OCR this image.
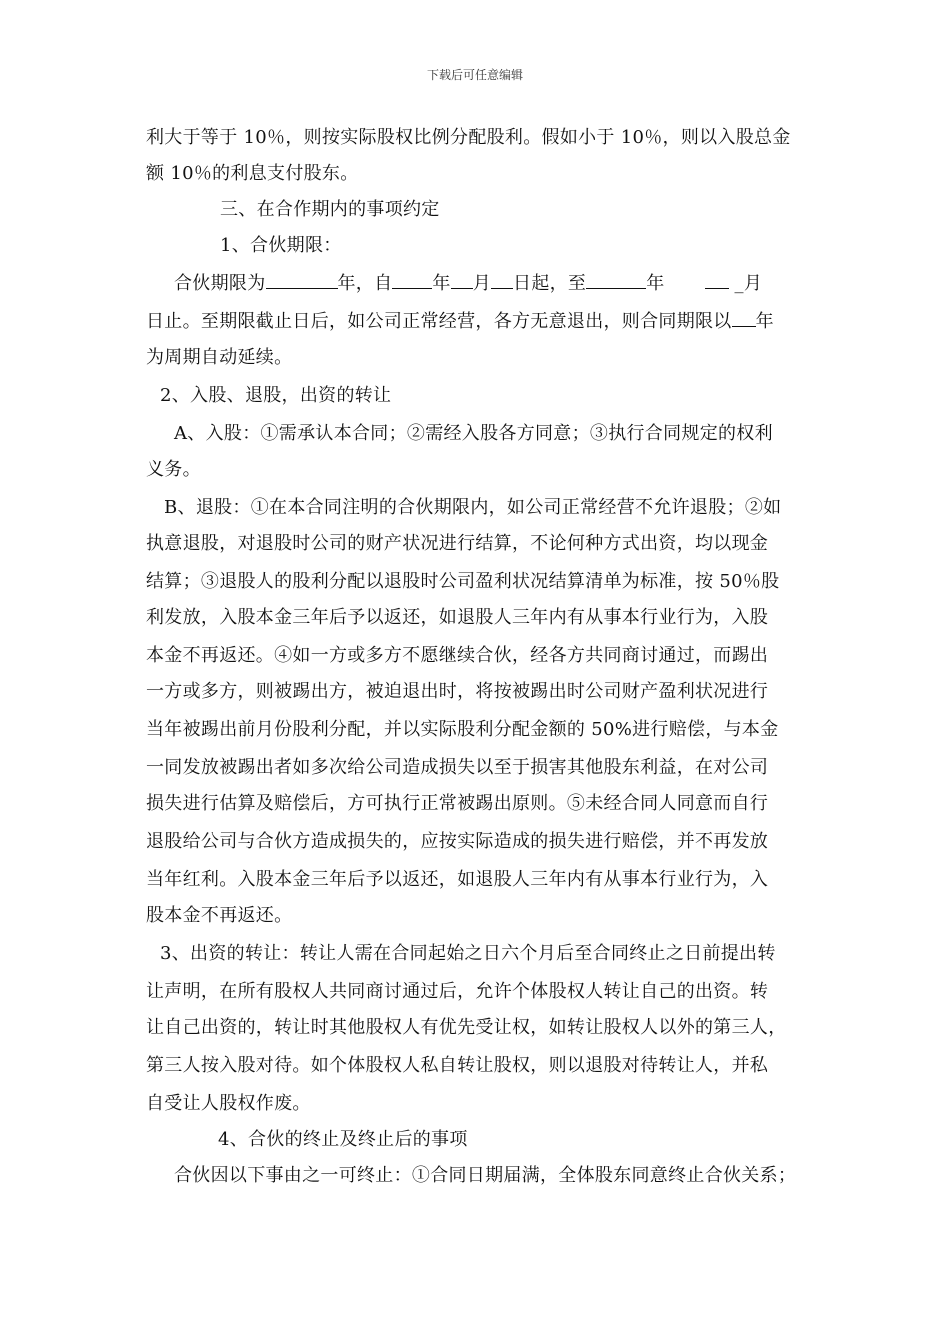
下载后可任意编辑
利大于等于 10％，则按实际股权比例分配股利。假如小于 10％，则以入股总金
额 10％的利息支付股东。
三、在合作期内的事项约定
1、合伙期限：
合伙期限为	年，自 年 月 日起，至	年	_月
日止。至期限截止日后，如公司正常经营，各方无意退出，则合同期限以 年
为周期自动延续。
2、入股、退股，出资的转让
A、入股：①需承认本合同；②需经入股各方同意；③执行合同规定的权利
义务。
B、退股：①在本合同注明的合伙期限内，如公司正常经营不允许退股；②如
执意退股，对退股时公司的财产状况进行结算，不论何种方式出资，均以现金
结算；③退股人的股利分配以退股时公司盈利状况结算清单为标准，按 50％股
利发放，入股本金三年后予以返还，如退股人三年内有从事本行业行为，入股
本金不再返还。④如一方或多方不愿继续合伙，经各方共同商讨通过，而踢出
一方或多方，则被踢出方，被迫退出时，将按被踢出时公司财产盈利状况进行
当年被踢出前月份股利分配，并以实际股利分配金额的 50%进行赔偿，与本金
一同发放被踢出者如多次给公司造成损失以至于损害其他股东利益，在对公司
损失进行估算及赔偿后，方可执行正常被踢出原则。⑤未经合同人同意而自行
退股给公司与合伙方造成损失的，应按实际造成的损失进行赔偿，并不再发放
当年红利。入股本金三年后予以返还，如退股人三年内有从事本行业行为，入
股本金不再返还。
3、出资的转让：转让人需在合同起始之日六个月后至合同终止之日前提出转
让声明，在所有股权人共同商讨通过后，允许个体股权人转让自己的出资。转
让自己出资的，转让时其他股权人有优先受让权，如转让股权人以外的第三人，
第三人按入股对待。如个体股权人私自转让股权，则以退股对待转让人，并私
自受让人股权作废。
4、合伙的终止及终止后的事项
合伙因以下事由之一可终止：①合同日期届满，全体股东同意终止合伙关系；
